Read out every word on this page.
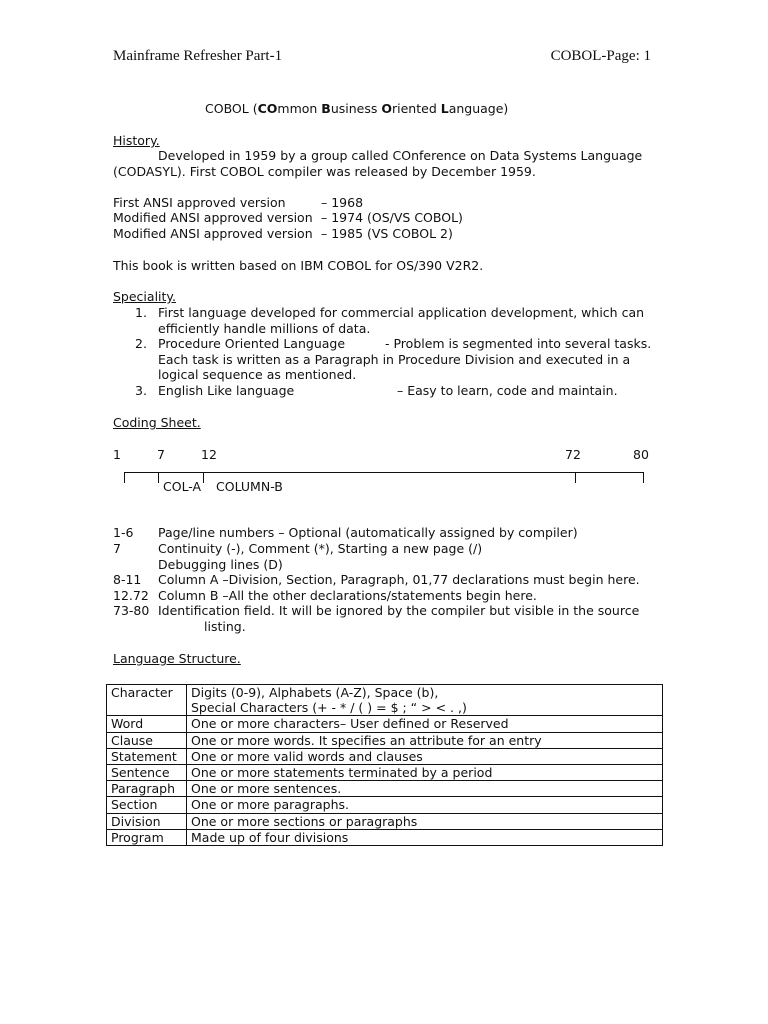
Mainframe Refresher Part-1	COBOL-Page: 1
COBOL (COmmon Business Oriented Language)
History.
Developed in 1959 by a group called COnference on Data Systems Language
(CODASYL). First COBOL compiler was released by December 1959.
First ANSI approved version	– 1968
Modified ANSI approved version – 1974 (OS/VS COBOL)
Modified ANSI approved version – 1985 (VS COBOL 2)
This book is written based on IBM COBOL for OS/390 V2R2.
Speciality.
1. First language developed for commercial application development, which can
efficiently handle millions of data.
2. Procedure Oriented Language	- Problem is segmented into several tasks.
Each task is written as a Paragraph in Procedure Division and executed in a
logical sequence as mentioned.
3. English Like language	– Easy to learn, code and maintain.
Coding Sheet.
1	7	12	72	80
COL-A COLUMN-B
1-6 Page/line numbers – Optional (automatically assigned by compiler)
7	Continuity (-), Comment (*), Starting a new page (/)
Debugging lines (D)
8-11 Column A –Division, Section, Paragraph, 01,77 declarations must begin here.
12.72 Column B –All the other declarations/statements begin here.
73-80 Identification field. It will be ignored by the compiler but visible in the source
listing.
Language Structure.
Character	Digits (0-9), Alphabets (A-Z), Space (b),
Special Characters (+ - * / ( ) = $ ; “ > < . ,)

Word	One or more characters– User defined or Reserved
Clause	One or more words. It specifies an attribute for an entry
Statement	One or more valid words and clauses
Sentence	One or more statements terminated by a period
Paragraph	One or more sentences.
Section	One or more paragraphs.
Division	One or more sections or paragraphs
Program	Made up of four divisions
